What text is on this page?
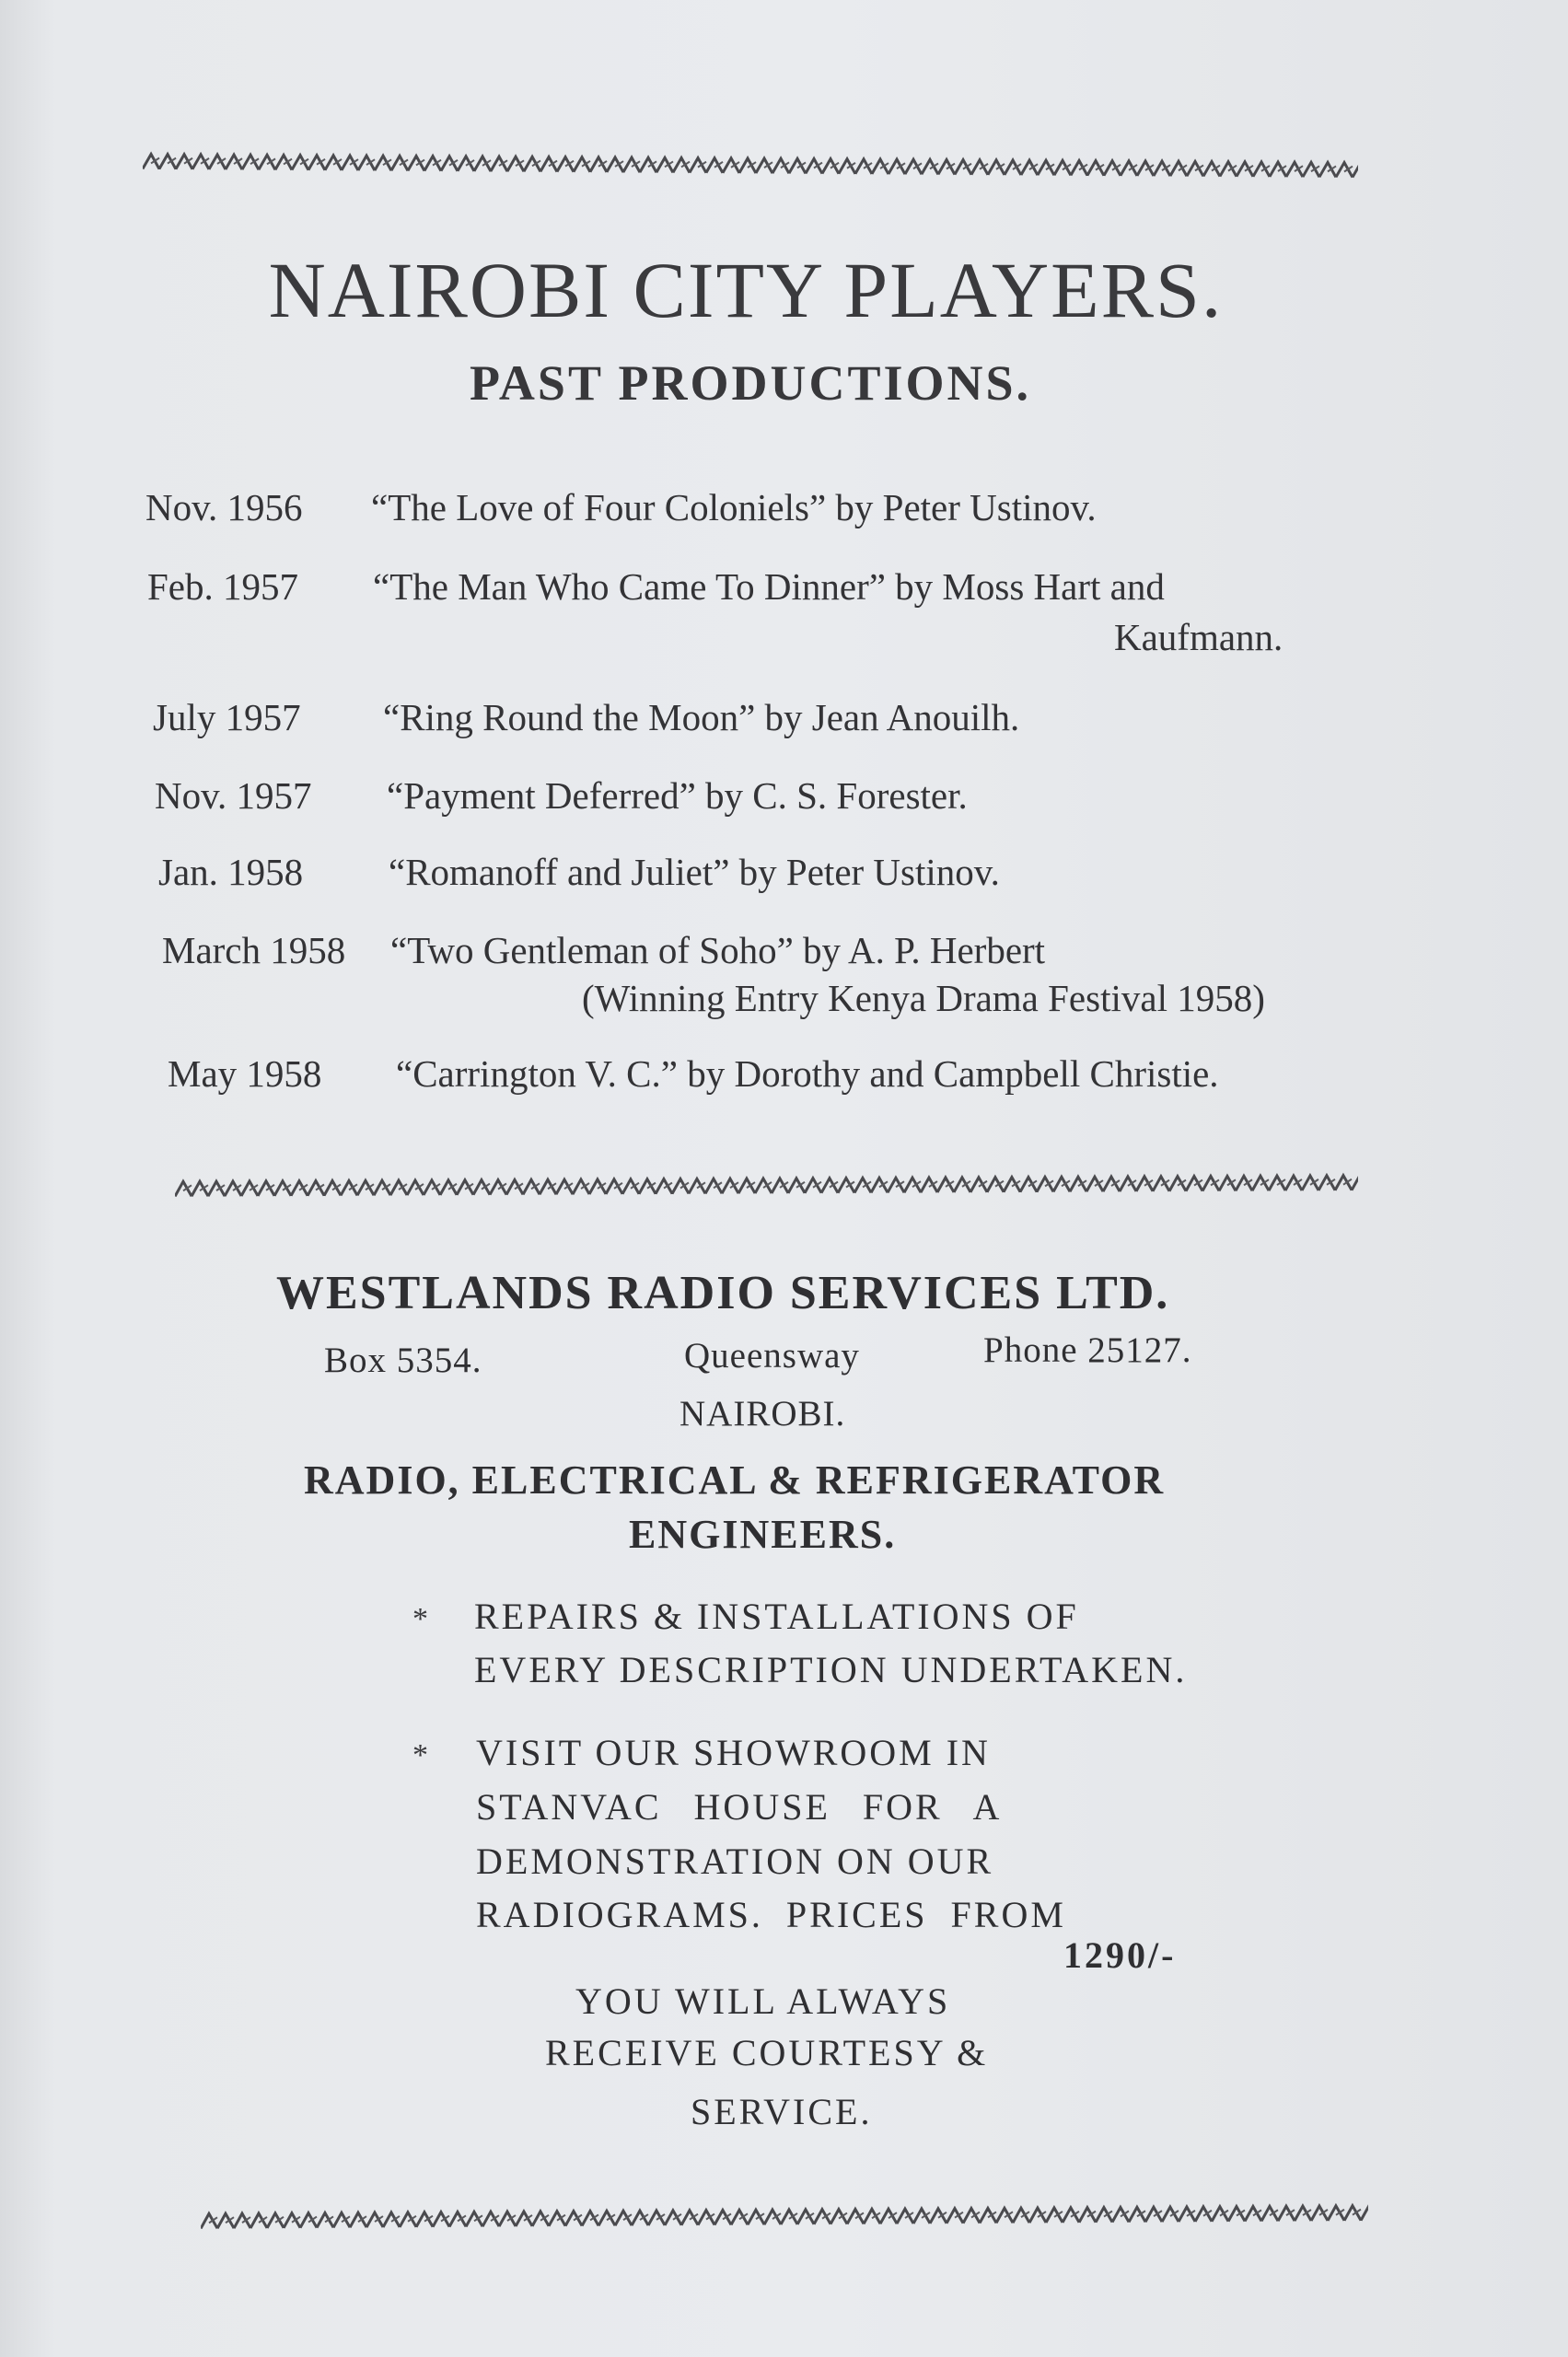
NAIROBI CITY PLAYERS.
PAST PRODUCTIONS.
Nov. 1956 “The Love of Four Coloniels” by Peter Ustinov.
Feb. 1957 “The Man Who Came To Dinner” by Moss Hart and
Kaufmann.
July 1957 “Ring Round the Moon” by Jean Anouilh.
Nov. 1957 “Payment Deferred” by C. S. Forester.
Jan. 1958 “Romanoff and Juliet” by Peter Ustinov.
March 1958 “Two Gentleman of Soho” by A. P. Herbert
(Winning Entry Kenya Drama Festival 1958)
May 1958 “Carrington V. C.” by Dorothy and Campbell Christie.
WESTLANDS RADIO SERVICES LTD.
Box 5354.	Queensway	Phone 25127.
NAIROBI.
RADIO, ELECTRICAL & REFRIGERATOR
ENGINEERS.
* REPAIRS & INSTALLATIONS OF
EVERY DESCRIPTION UNDERTAKEN.
* VISIT OUR SHOWROOM IN
STANVAC HOUSE FOR A
DEMONSTRATION ON OUR
RADIOGRAMS. PRICES FROM
1290/-
YOU WILL ALWAYS
RECEIVE COURTESY &
SERVICE.
